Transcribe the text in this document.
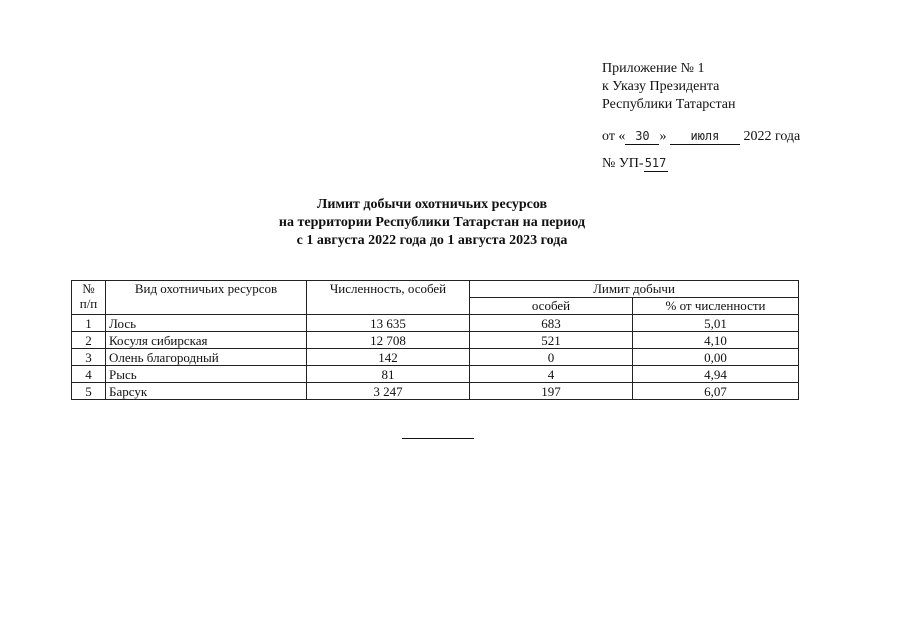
Приложение № 1
к Указу Президента
Республики Татарстан
от « 30 » июля 2022 года
№ УП-517
Лимит добычи охотничьих ресурсов
на территории Республики Татарстан на период
с 1 августа 2022 года до 1 августа 2023 года
№
п/п	Вид охотничьих ресурсов	Численность, особей	Лимит добычи	
			особей	% от численности
1	Лось	13 635	683	5,01
2	Косуля сибирская	12 708	521	4,10
3	Олень благородный	142	0	0,00
4	Рысь	81	4	4,94
5	Барсук	3 247	197	6,07
